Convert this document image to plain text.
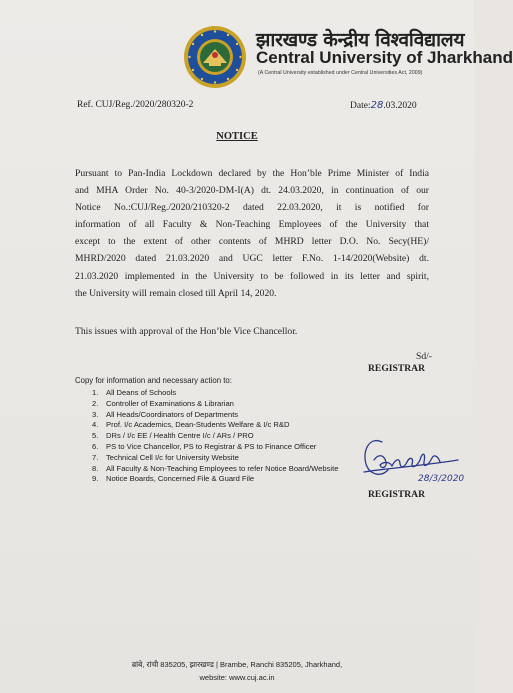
झारखण्ड केन्द्रीय विश्वविद्यालय
Central University of Jharkhand
(A Central University established under Central Universities Act, 2009)
Ref. CUJ/Reg./2020/280320-2	Date:28.03.2020
NOTICE
Pursuant to Pan-India Lockdown declared by the Hon’ble Prime Minister of India
and MHA Order No. 40-3/2020-DM-I(A) dt. 24.03.2020, in continuation of our
Notice No.:CUJ/Reg./2020/210320-2 dated 22.03.2020, it is notified for
information of all Faculty & Non-Teaching Employees of the University that
except to the extent of other contents of MHRD letter D.O. No. Secy(HE)/
MHRD/2020 dated 21.03.2020 and UGC letter F.No. 1-14/2020(Website) dt.
21.03.2020 implemented in the University to be followed in its letter and spirit,
the University will remain closed till April 14, 2020.
This issues with approval of the Hon’ble Vice Chancellor.
Sd/-
REGISTRAR
Copy for information and necessary action to:
1. All Deans of Schools
2. Controller of Examinations & Librarian
3. All Heads/Coordinators of Departments
4. Prof. I/c Academics, Dean-Students Welfare & I/c R&D
5. DRs / I/c EE / Health Centre I/c / ARs / PRO
6. PS to Vice Chancellor, PS to Registrar & PS to Finance Officer
7. Technical Cell I/c for University Website
8. All Faculty & Non-Teaching Employees to refer Notice Board/Website
9. Notice Boards, Concerned File & Guard File	28/3/2020
REGISTRAR
ब्रांबे, रांची 835205, झारखण्ड | Brambe, Ranchi 835205, Jharkhand,
website: www.cuj.ac.in
